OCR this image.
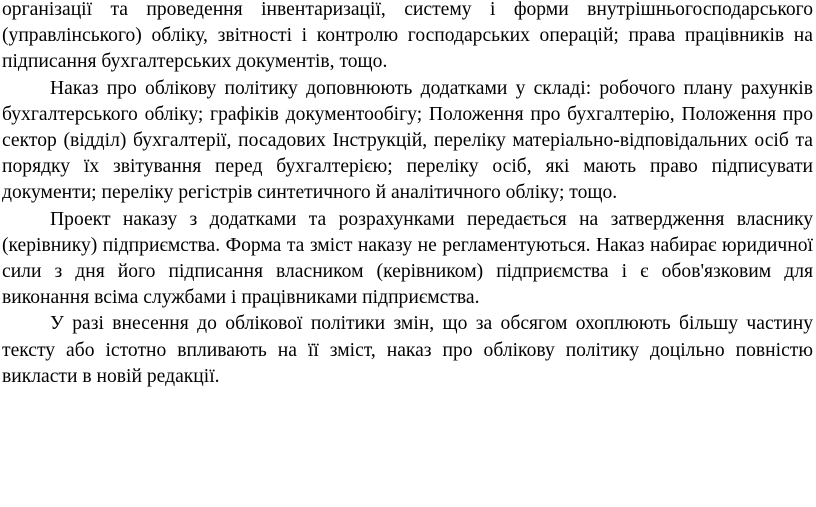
організації та проведення інвентаризації, систему і форми внутрішньогосподарського (управлінського) обліку, звітності і контролю господарських операцій; права працівників на підписання бухгалтерських документів, тощо.

Наказ про облікову політику доповнюють додатками у складі: робочого плану рахунків бухгалтерського обліку; графіків документообігу; Положення про бухгалтерію, Положення про сектор (відділ) бухгалтерії, посадових Інструкцій, переліку матеріально-відповідальних осіб та порядку їх звітування перед бухгалтерією; переліку осіб, які мають право підписувати документи; переліку регістрів синтетичного й аналітичного обліку; тощо.

Проект наказу з додатками та розрахунками передається на затвердження власнику (керівнику) підприємства. Форма та зміст наказу не регламентуються. Наказ набирає юридичної сили з дня його підписання власником (керівником) підприємства і є обов'язковим для виконання всіма службами і працівниками підприємства.

У разі внесення до облікової політики змін, що за обсягом охоплюють більшу частину тексту або істотно впливають на її зміст, наказ про облікову політику доцільно повністю викласти в новій редакції.
